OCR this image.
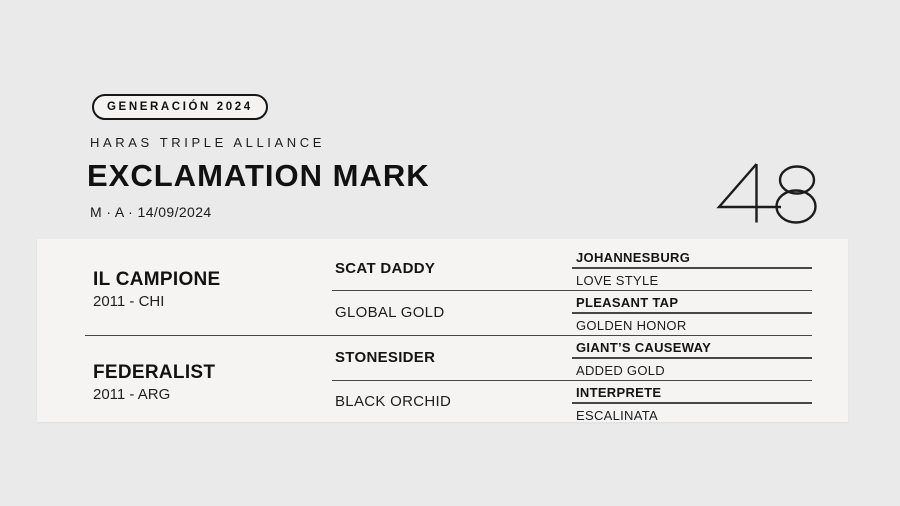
GENERACIÓN 2024
HARAS TRIPLE ALLIANCE
EXCLAMATION MARK
M · A · 14/09/2024
IL CAMPIONE
2011 - CHI
FEDERALIST
2011 - ARG
SCAT DADDY
GLOBAL GOLD
STONESIDER
BLACK ORCHID
JOHANNESBURG
LOVE STYLE
PLEASANT TAP
GOLDEN HONOR
GIANT’S CAUSEWAY
ADDED GOLD
INTERPRETE
ESCALINATA
